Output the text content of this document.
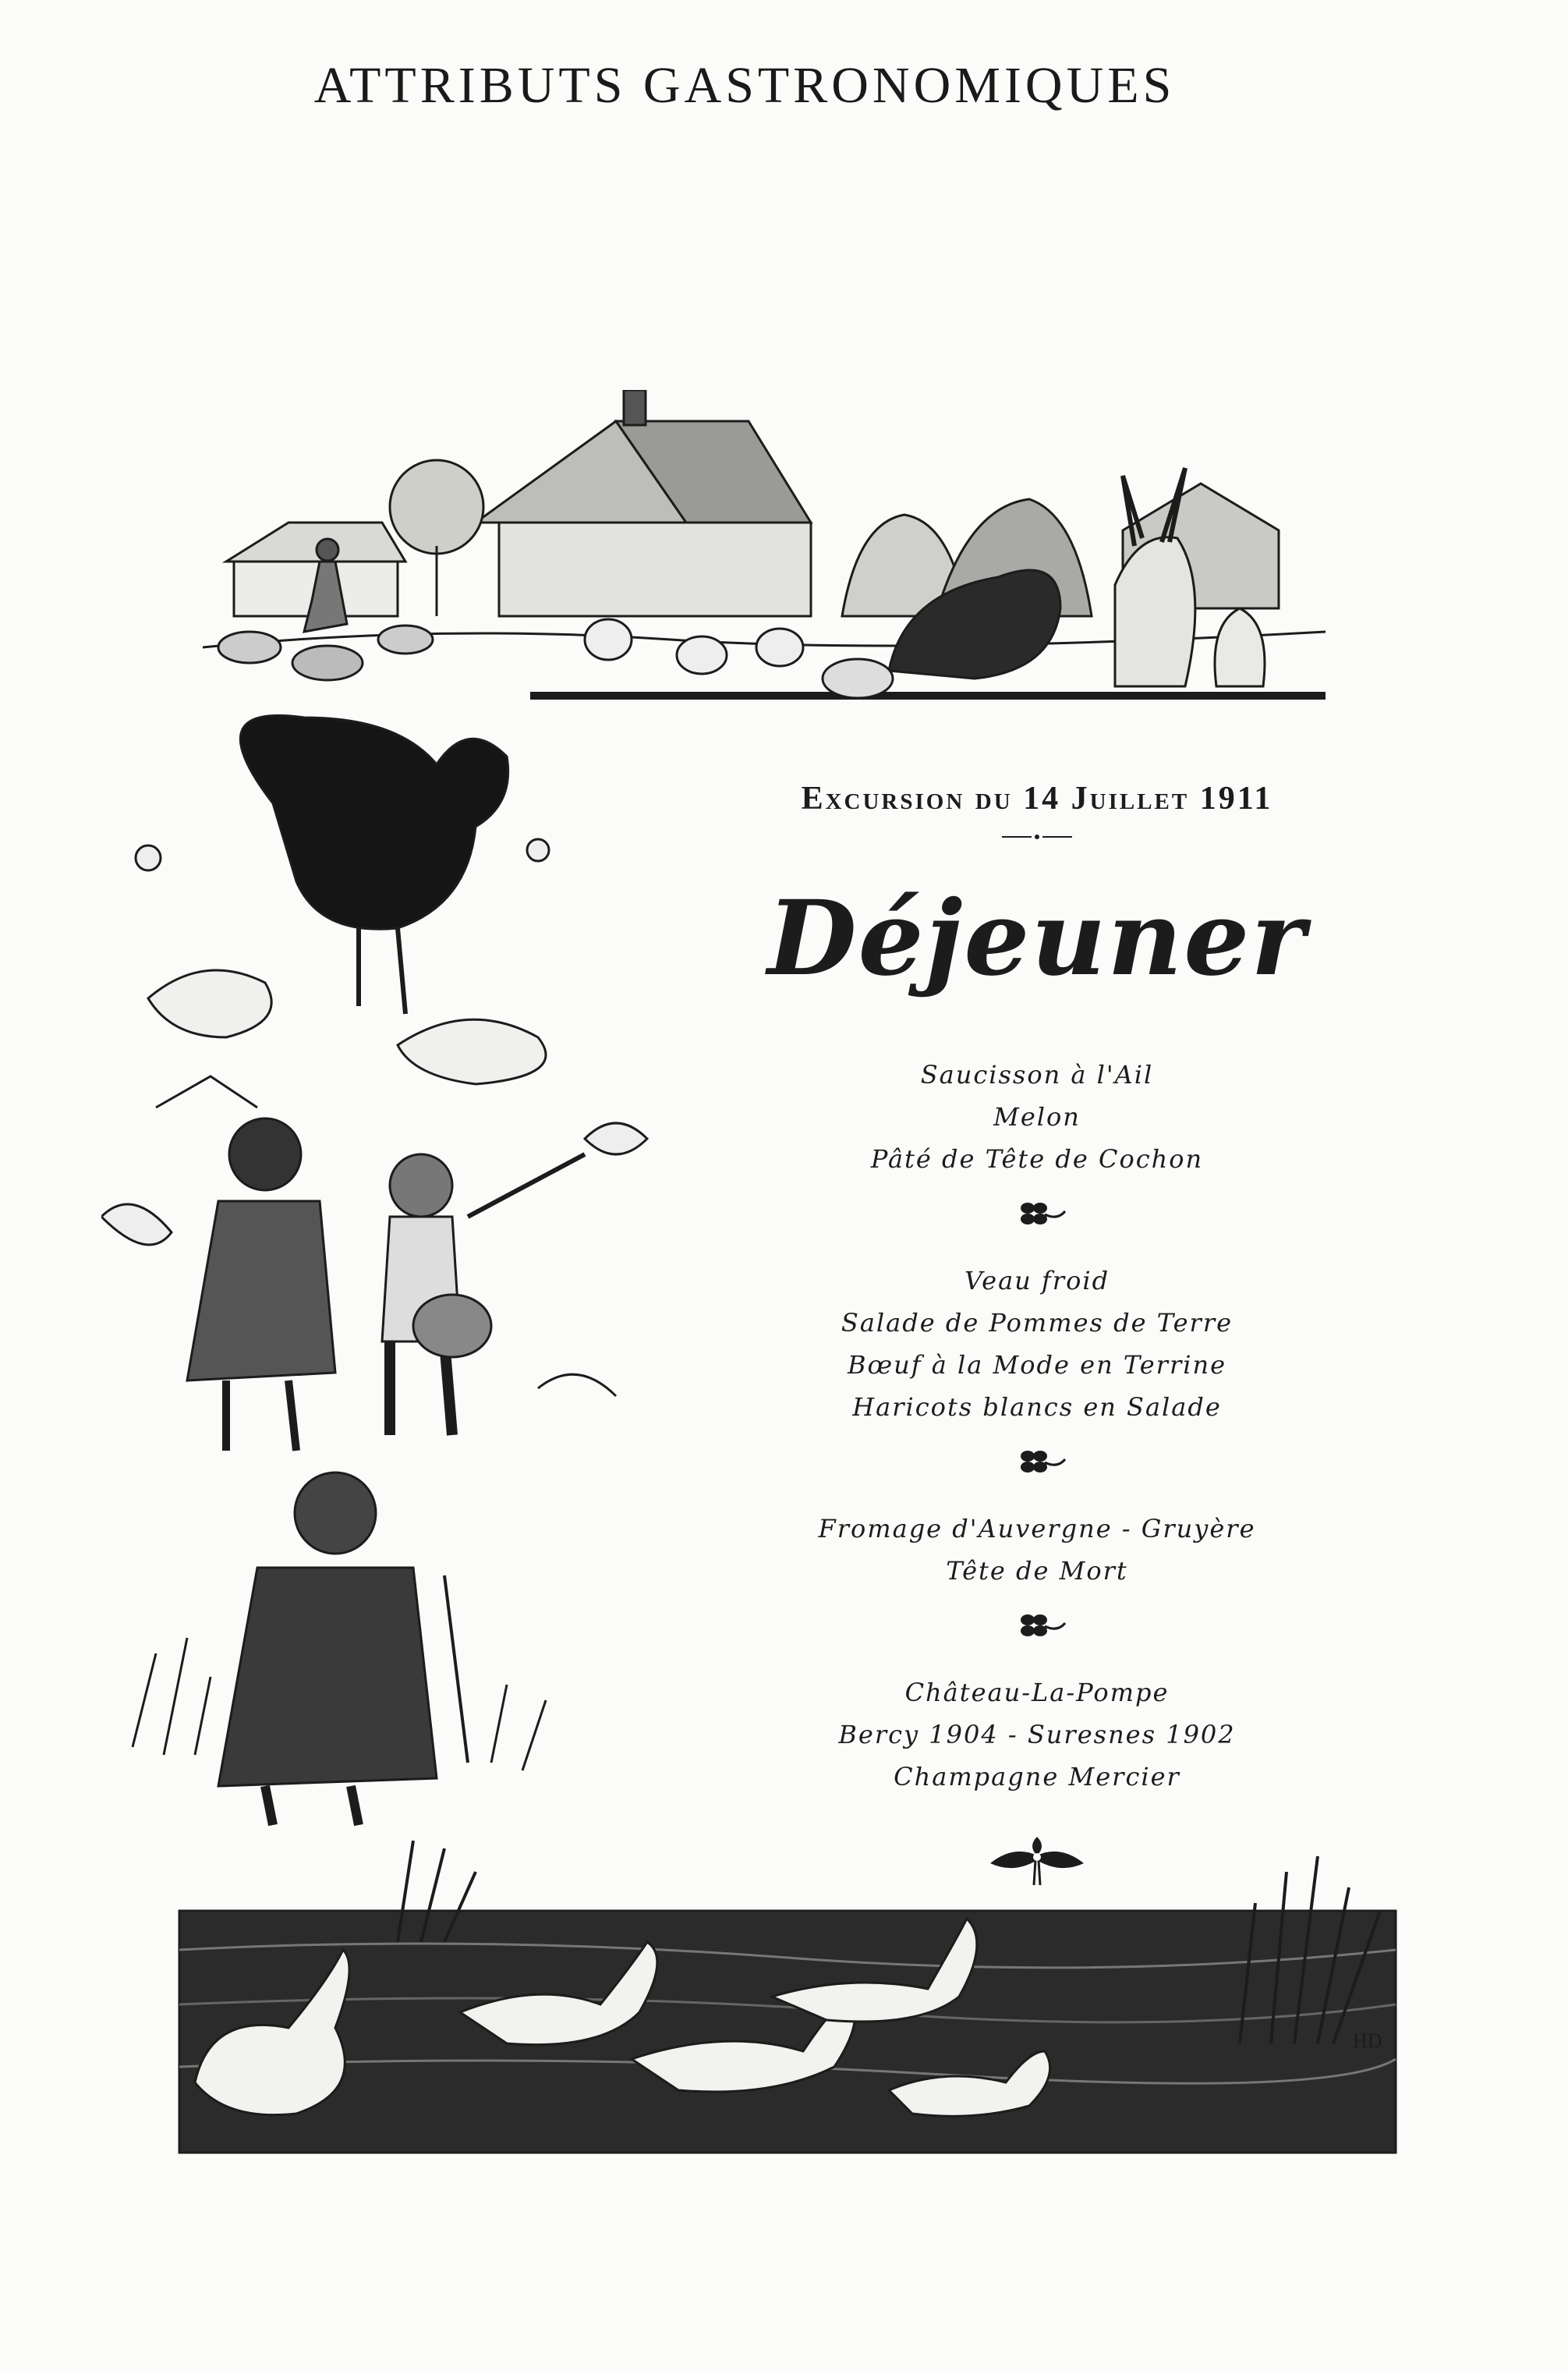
ATTRIBUTS GASTRONOMIQUES
HD
Excursion du 14 Juillet 1911
Déjeuner
Saucisson à l'Ail
Melon
Pâté de Tête de Cochon
Veau froid
Salade de Pommes de Terre
Bœuf à la Mode en Terrine
Haricots blancs en Salade
Fromage d'Auvergne - Gruyère
Tête de Mort
Château-La-Pompe
Bercy 1904 - Suresnes 1902
Champagne Mercier
